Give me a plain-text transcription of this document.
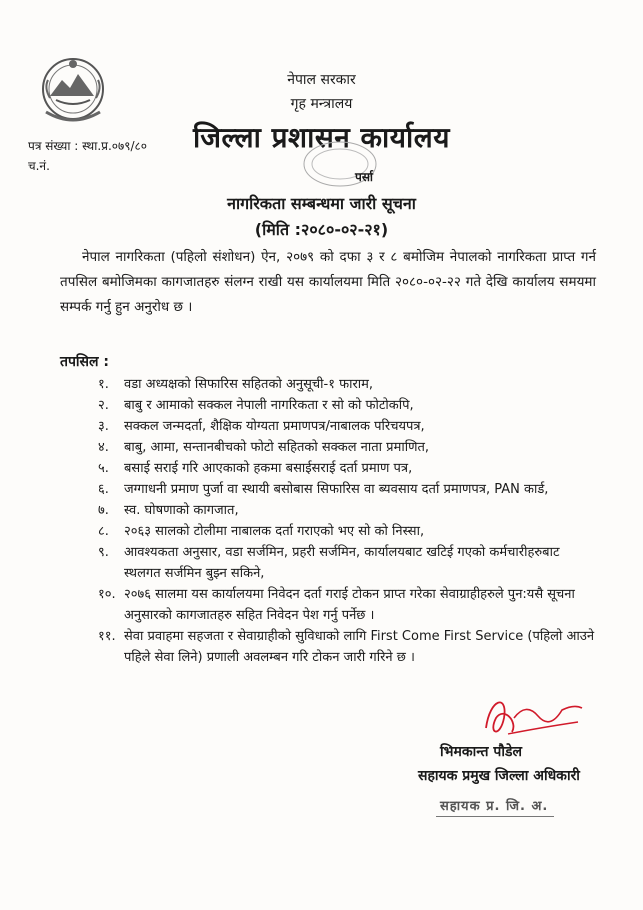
नेपाल सरकार
गृह मन्त्रालय
जिल्ला प्रशासन कार्यालय
पत्र संख्या : स्था.प्र.०७९/८०
च.नं.
पर्सा
नागरिकता सम्बन्धमा जारी सूचना
(मिति :२०८०-०२-२१)
नेपाल नागरिकता (पहिलो संशोधन) ऐन, २०७९ को दफा ३ र ८ बमोजिम नेपालको नागरिकता प्राप्त गर्न तपसिल बमोजिमका कागजातहरु संलग्न राखी यस कार्यालयमा मिति २०८०-०२-२२ गते देखि कार्यालय समयमा सम्पर्क गर्नु हुन अनुरोध छ ।
तपसिल :
१.	वडा अध्यक्षको सिफारिस सहितको अनुसूची-१ फाराम,
२.	बाबु र आमाको सक्कल नेपाली नागरिकता र सो को फोटोकपि,
३.	सक्कल जन्मदर्ता, शैक्षिक योग्यता प्रमाणपत्र/नाबालक परिचयपत्र,
४.	बाबु, आमा, सन्तानबीचको फोटो सहितको सक्कल नाता प्रमाणित,
५.	बसाई सराई गरि आएकाको हकमा बसाईसराई दर्ता प्रमाण पत्र,
६.	जग्गाधनी प्रमाण पुर्जा वा स्थायी बसोबास सिफारिस वा ब्यवसाय दर्ता प्रमाणपत्र, PAN कार्ड,
७.	स्व. घोषणाको कागजात,
८.	२०६३ सालको टोलीमा नाबालक दर्ता गराएको भए सो को निस्सा,
९.	आवश्यकता अनुसार, वडा सर्जमिन, प्रहरी सर्जमिन, कार्यालयबाट खटिई गएको कर्मचारीहरुबाट स्थलगत सर्जमिन बुझ्न सकिने,
१०. २०७६ सालमा यस कार्यालयमा निवेदन दर्ता गराई टोकन प्राप्त गरेका सेवाग्राहीहरुले पुन:यसै सूचना अनुसारको कागजातहरु सहित निवेदन पेश गर्नु पर्नेछ ।
११. सेवा प्रवाहमा सहजता र सेवाग्राहीको सुविधाको लागि First Come First Service (पहिलो आउने पहिले सेवा लिने) प्रणाली अवलम्बन गरि टोकन जारी गरिने छ ।
भिमकान्त पौडेल
सहायक प्रमुख जिल्ला अधिकारी
सहायक प्र. जि. अ.
